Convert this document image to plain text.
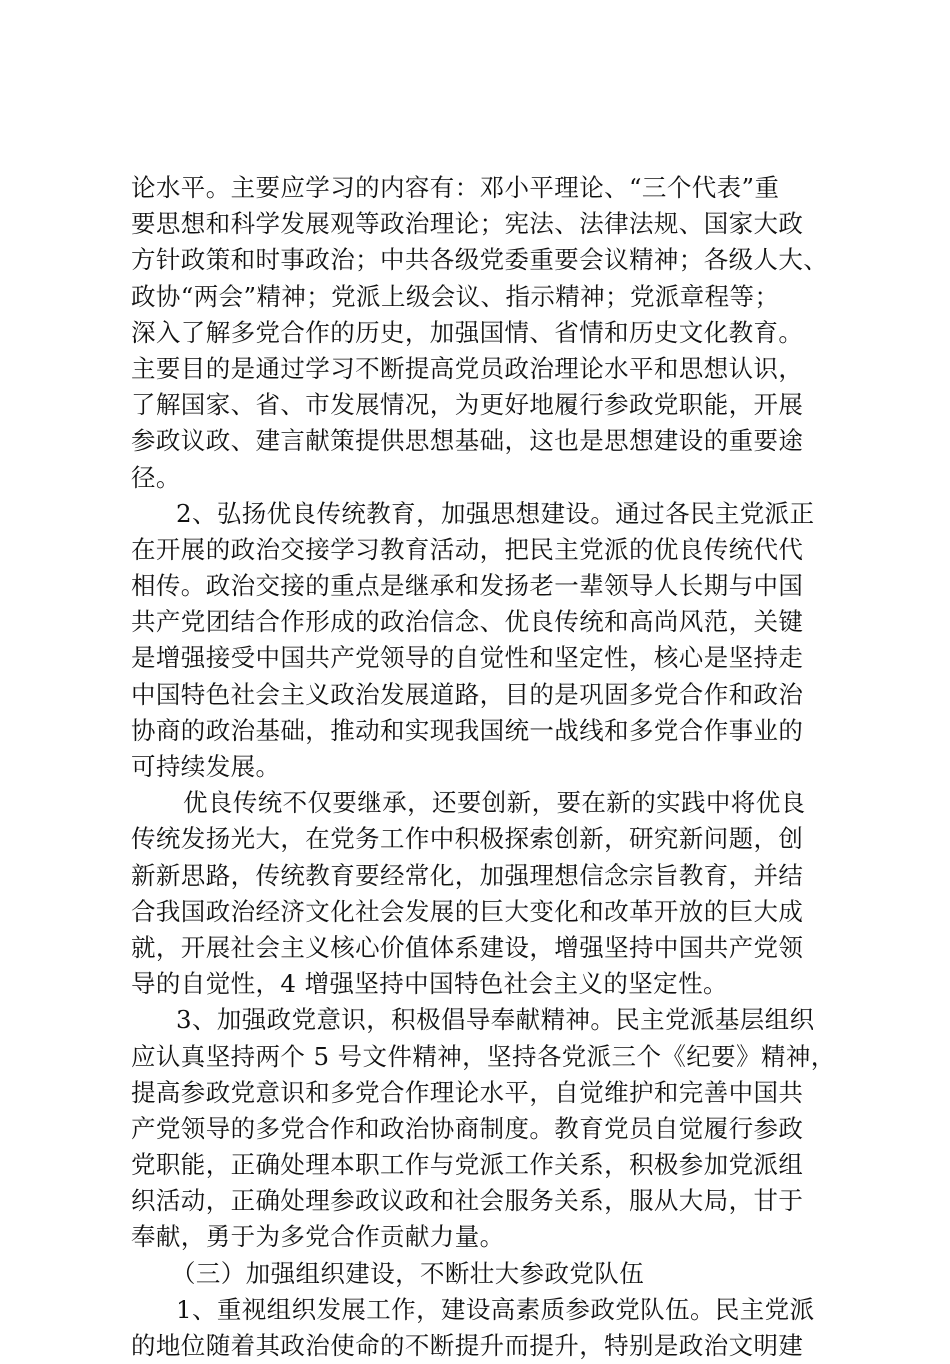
论水平。主要应学习的内容有：邓小平理论、“三个代表”重
要思想和科学发展观等政治理论；宪法、法律法规、国家大政
方针政策和时事政治；中共各级党委重要会议精神；各级人大、
政协“两会”精神；党派上级会议、指示精神；党派章程等；
深入了解多党合作的历史，加强国情、省情和历史文化教育。
主要目的是通过学习不断提高党员政治理论水平和思想认识，
了解国家、省、市发展情况，为更好地履行参政党职能，开展
参政议政、建言献策提供思想基础，这也是思想建设的重要途
径。
2、弘扬优良传统教育，加强思想建设。通过各民主党派正
在开展的政治交接学习教育活动，把民主党派的优良传统代代
相传。政治交接的重点是继承和发扬老一辈领导人长期与中国
共产党团结合作形成的政治信念、优良传统和高尚风范，关键
是增强接受中国共产党领导的自觉性和坚定性，核心是坚持走
中国特色社会主义政治发展道路，目的是巩固多党合作和政治
协商的政治基础，推动和实现我国统一战线和多党合作事业的
可持续发展。
优良传统不仅要继承，还要创新，要在新的实践中将优良
传统发扬光大，在党务工作中积极探索创新，研究新问题，创
新新思路，传统教育要经常化，加强理想信念宗旨教育，并结
合我国政治经济文化社会发展的巨大变化和改革开放的巨大成
就，开展社会主义核心价值体系建设，增强坚持中国共产党领
导的自觉性，4 增强坚持中国特色社会主义的坚定性。
3、加强政党意识，积极倡导奉献精神。民主党派基层组织
应认真坚持两个 5 号文件精神，坚持各党派三个《纪要》精神，
提高参政党意识和多党合作理论水平，自觉维护和完善中国共
产党领导的多党合作和政治协商制度。教育党员自觉履行参政
党职能，正确处理本职工作与党派工作关系，积极参加党派组
织活动，正确处理参政议政和社会服务关系，服从大局，甘于
奉献，勇于为多党合作贡献力量。
（三）加强组织建设，不断壮大参政党队伍
1、重视组织发展工作，建设高素质参政党队伍。民主党派
的地位随着其政治使命的不断提升而提升，特别是政治文明建
